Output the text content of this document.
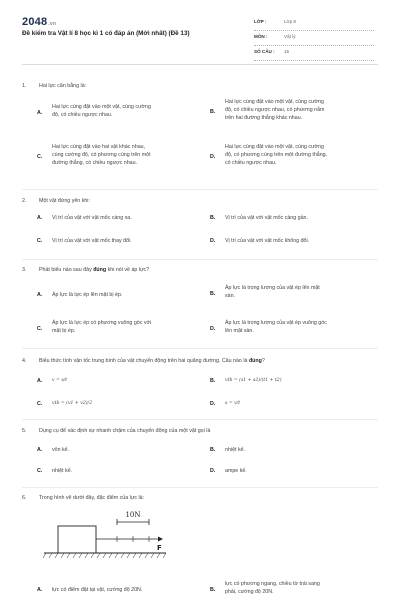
2048.vn
Đề kiểm tra Vật lí 8 học kì 1 có đáp án (Mới nhất) (Đề 13)
LỚP :	Lớp 8
MÔN :	Vật lý
SỐ CÂU : 15
1. Hai lực cân bằng là:
A.
Hai lực cùng đặt vào một vật, cùng cường
độ, có chiều ngược nhau.
B.
Hai lực cùng đặt vào một vật, cùng cường
độ, có chiều ngược nhau, có phương nằm
trên hai đường thẳng khác nhau.
C.
Hai lực cùng đặt vào hai vật khác nhau,
cùng cường độ, có phương cùng trên một
đường thẳng, có chiều ngược nhau.
D.
Hai lực cùng đặt vào một vật, cùng cường
độ, có phương cùng trên một đường thẳng,
có chiều ngược nhau.
2. Một vật đứng yên khi:
A. Vị trí của vật với vật mốc càng xa.	B. Vị trí của vật với vật mốc càng gần.
C. Vị trí của vật với vật mốc thay đổi.	D. Vị trí của vật với vật mốc không đổi.
3. Phát biểu nào sau đây đúng khi nói về áp lực?
A. Áp lực là lực ép lên mặt bị ép.	B.
Áp lực là trọng lượng của vật ép lên mặt
sàn.
C.
Áp lực là lực ép có phương vuông góc với
mặt bị ép.	D.
Áp lực là trọng lượng của vật ép vuông góc
lên mặt sàn.
4. Biểu thức tính vận tốc trung bình của vật chuyển động trên hai quãng đường. Câu nào là đúng?
A. v = s/t	B. vtb = (s1 + s2)/(t1 + t2)
C. vtb = (v1 + v2)/2	D. s = v/t
5. Dụng cụ để xác định sự nhanh chậm của chuyển động của một vật gọi là
A. vôn kế.	B. nhiệt kế.
C. nhiệt kế.	D. ampe kế.
6. Trong hình vẽ dưới đây, đặc điểm của lực là:
10N
F
A. lực có điểm đặt tại vật, cường độ 20N.	B.
lực có phương ngang, chiều từ trái sang
phải, cường độ 20N.
